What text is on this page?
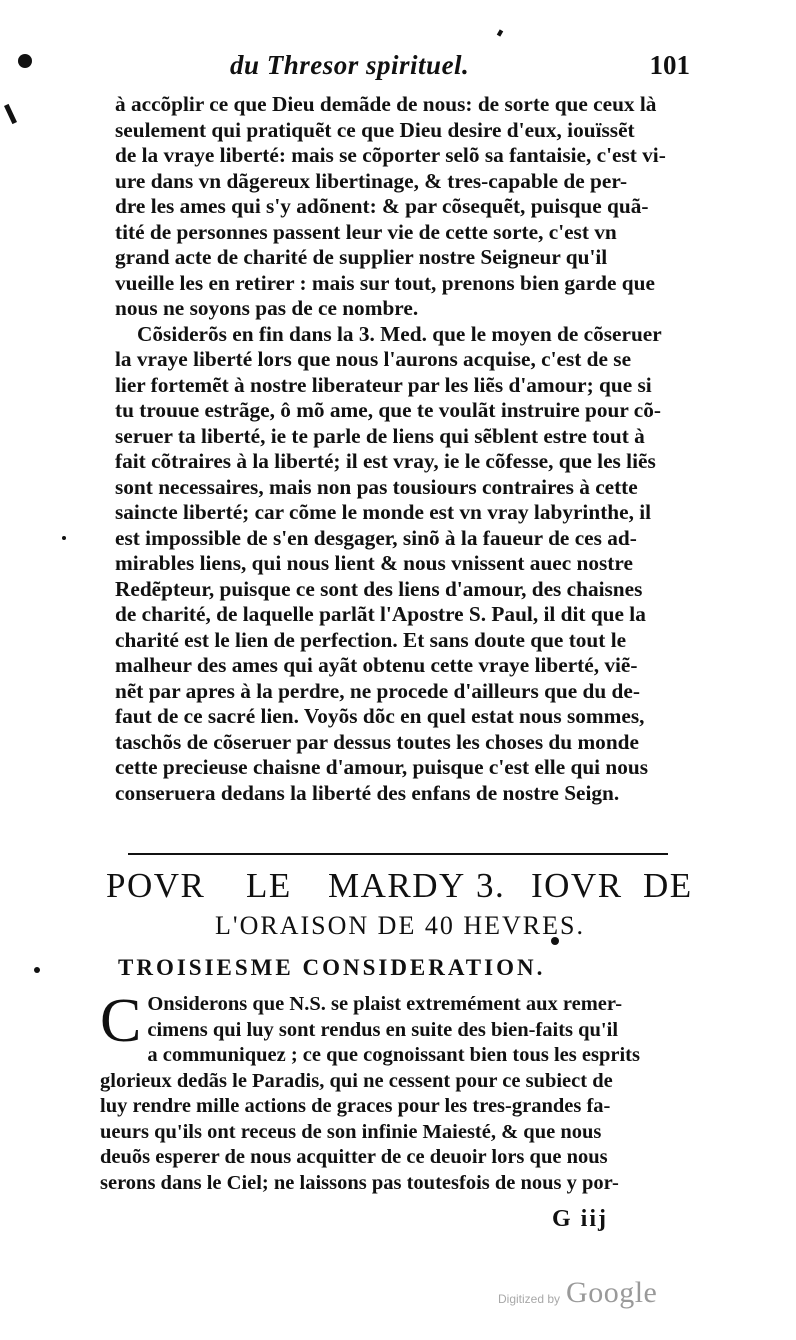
du Thresor spirituel.	101
à accõplir ce que Dieu demãde de nous: de sorte que ceux là
seulement qui pratiquẽt ce que Dieu desire d'eux, iouïssẽt
de la vraye liberté: mais se cõporter selõ sa fantaisie, c'est vi-
ure dans vn dãgereux libertinage, & tres-capable de per-
dre les ames qui s'y adõnent: & par cõsequẽt, puisque quã-
tité de personnes passent leur vie de cette sorte, c'est vn
grand acte de charité de supplier nostre Seigneur qu'il
vueille les en retirer : mais sur tout, prenons bien garde que
nous ne soyons pas de ce nombre.
Cõsiderõs en fin dans la 3. Med. que le moyen de cõseruer
la vraye liberté lors que nous l'aurons acquise, c'est de se
lier fortemẽt à nostre liberateur par les liẽs d'amour; que si
tu trouue estrãge, ô mõ ame, que te voulãt instruire pour cõ-
seruer ta liberté, ie te parle de liens qui sẽblent estre tout à
fait cõtraires à la liberté; il est vray, ie le cõfesse, que les liẽs
sont necessaires, mais non pas tousiours contraires à cette
saincte liberté; car cõme le monde est vn vray labyrinthe, il
est impossible de s'en desgager, sinõ à la faueur de ces ad-
mirables liens, qui nous lient & nous vnissent auec nostre
Redẽpteur, puisque ce sont des liens d'amour, des chaisnes
de charité, de laquelle parlãt l'Apostre S. Paul, il dit que la
charité est le lien de perfection. Et sans doute que tout le
malheur des ames qui ayãt obtenu cette vraye liberté, viẽ-
nẽt par apres à la perdre, ne procede d'ailleurs que du de-
faut de ce sacré lien. Voyõs dõc en quel estat nous sommes,
taschõs de cõseruer par dessus toutes les choses du monde
cette precieuse chaisne d'amour, puisque c'est elle qui nous
conseruera dedans la liberté des enfans de nostre Seign.
POVR LE MARDY 3. IOVR DE
L'ORAISON DE 40 HEVRES.
TROISIESME CONSIDERATION.
C Onsiderons que N.S. se plaist extremément aux remer-
cimens qui luy sont rendus en suite des bien-faits qu'il
a communiquez ; ce que cognoissant bien tous les esprits
glorieux dedãs le Paradis, qui ne cessent pour ce subiect de
luy rendre mille actions de graces pour les tres-grandes fa-
ueurs qu'ils ont receus de son infinie Maiesté, & que nous
deuõs esperer de nous acquitter de ce deuoir lors que nous
serons dans le Ciel; ne laissons pas toutesfois de nous y por-
G iij
Digitized by Google
